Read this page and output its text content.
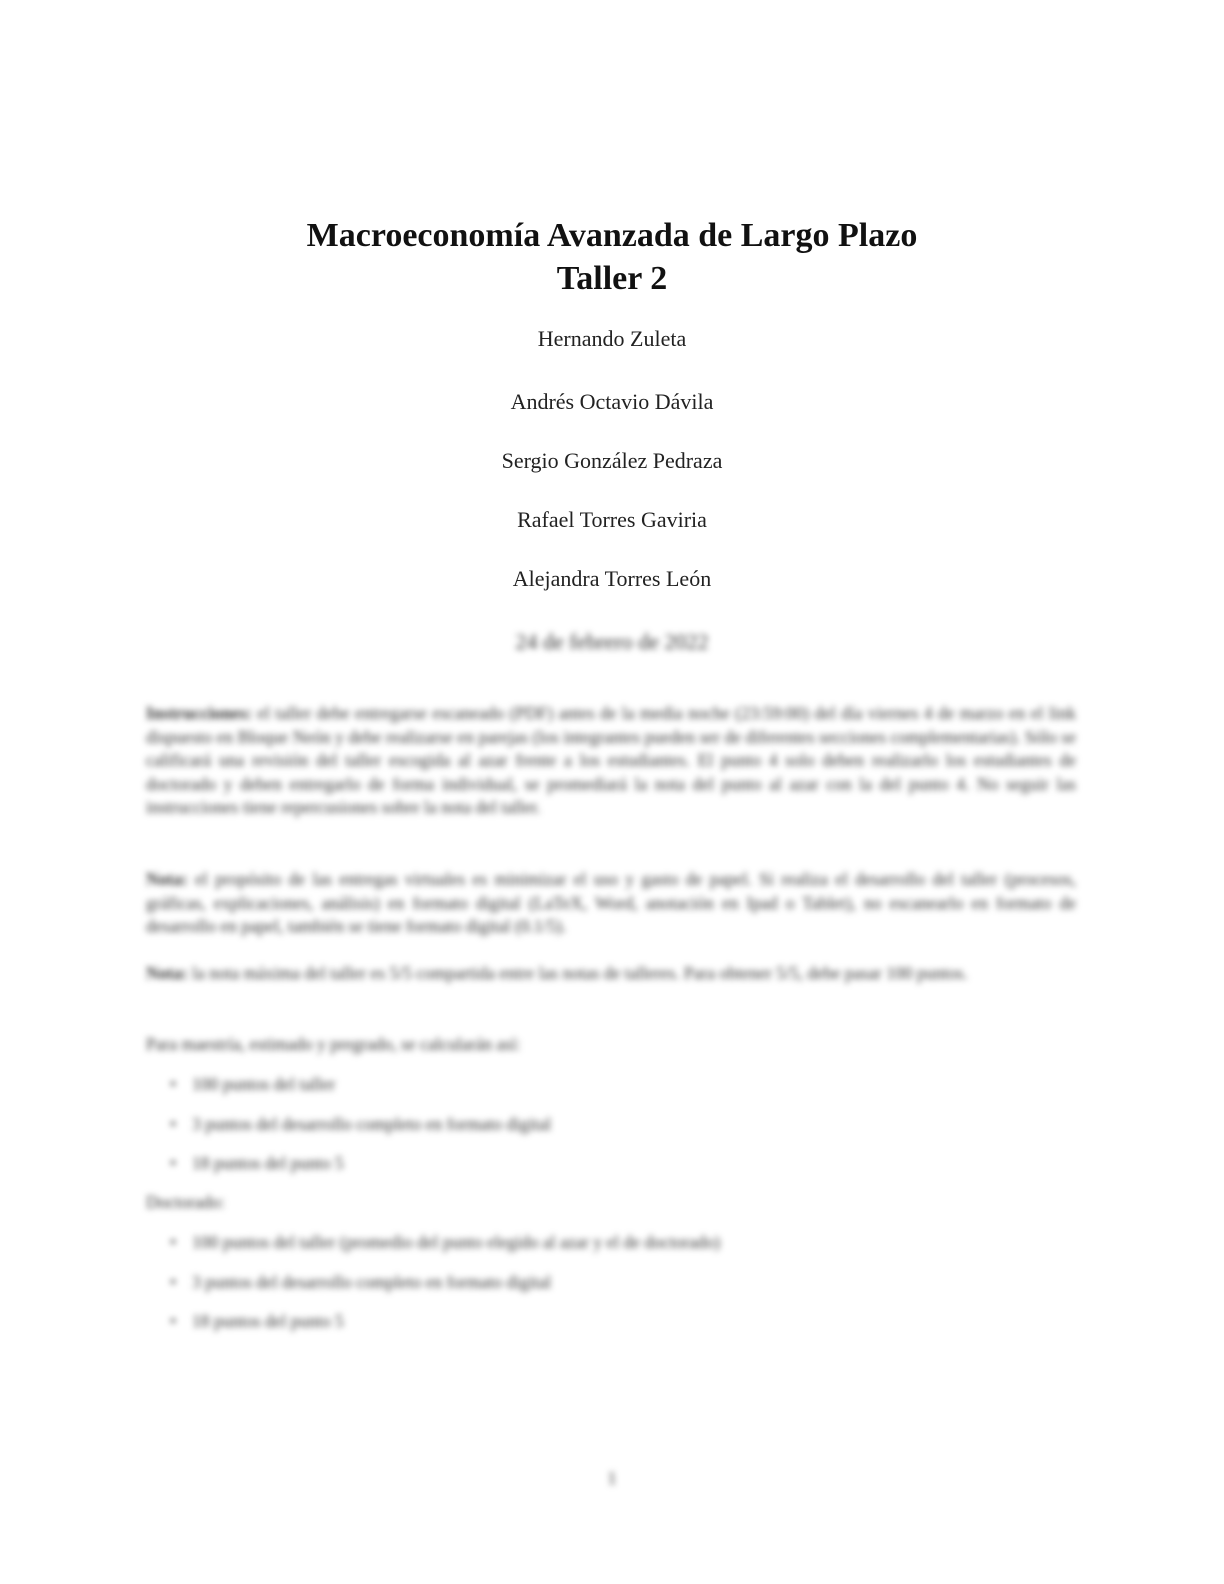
Macroeconomía Avanzada de Largo Plazo
Taller 2
Hernando Zuleta
Andrés Octavio Dávila
Sergio González Pedraza
Rafael Torres Gaviria
Alejandra Torres León
24 de febrero de 2022
Instrucciones: el taller debe entregarse escaneado (PDF) antes de la media noche (23:59:00) del día viernes 4 de marzo en el link dispuesto en Bloque Neón y debe realizarse en parejas (los integrantes pueden ser de diferentes secciones complementarias). Sólo se calificará una revisión del taller escogida al azar frente a los estudiantes. El punto 4 solo deben realizarlo los estudiantes de doctorado y deben entregarlo de forma individual, se promediará la nota del punto al azar con la del punto 4. No seguir las instrucciones tiene repercusiones sobre la nota del taller.
Nota: el propósito de las entregas virtuales es minimizar el uso y gasto de papel. Si realiza el desarrollo del taller (procesos, gráficas, explicaciones, análisis) en formato digital (LaTeX, Word, anotación en Ipad o Tablet), no escanearlo en formato de desarrollo en papel, también se tiene formato digital (0.1/5).
Nota: la nota máxima del taller es 5/5 compartida entre las notas de talleres. Para obtener 5/5, debe pasar 100 puntos.
Para maestría, estimado y pregrado, se calcularán así:
• 100 puntos del taller
• 3 puntos del desarrollo completo en formato digital
• 18 puntos del punto 5
Doctorado:
• 100 puntos del taller (promedio del punto elegido al azar y el de doctorado)
• 3 puntos del desarrollo completo en formato digital
• 18 puntos del punto 5
1
